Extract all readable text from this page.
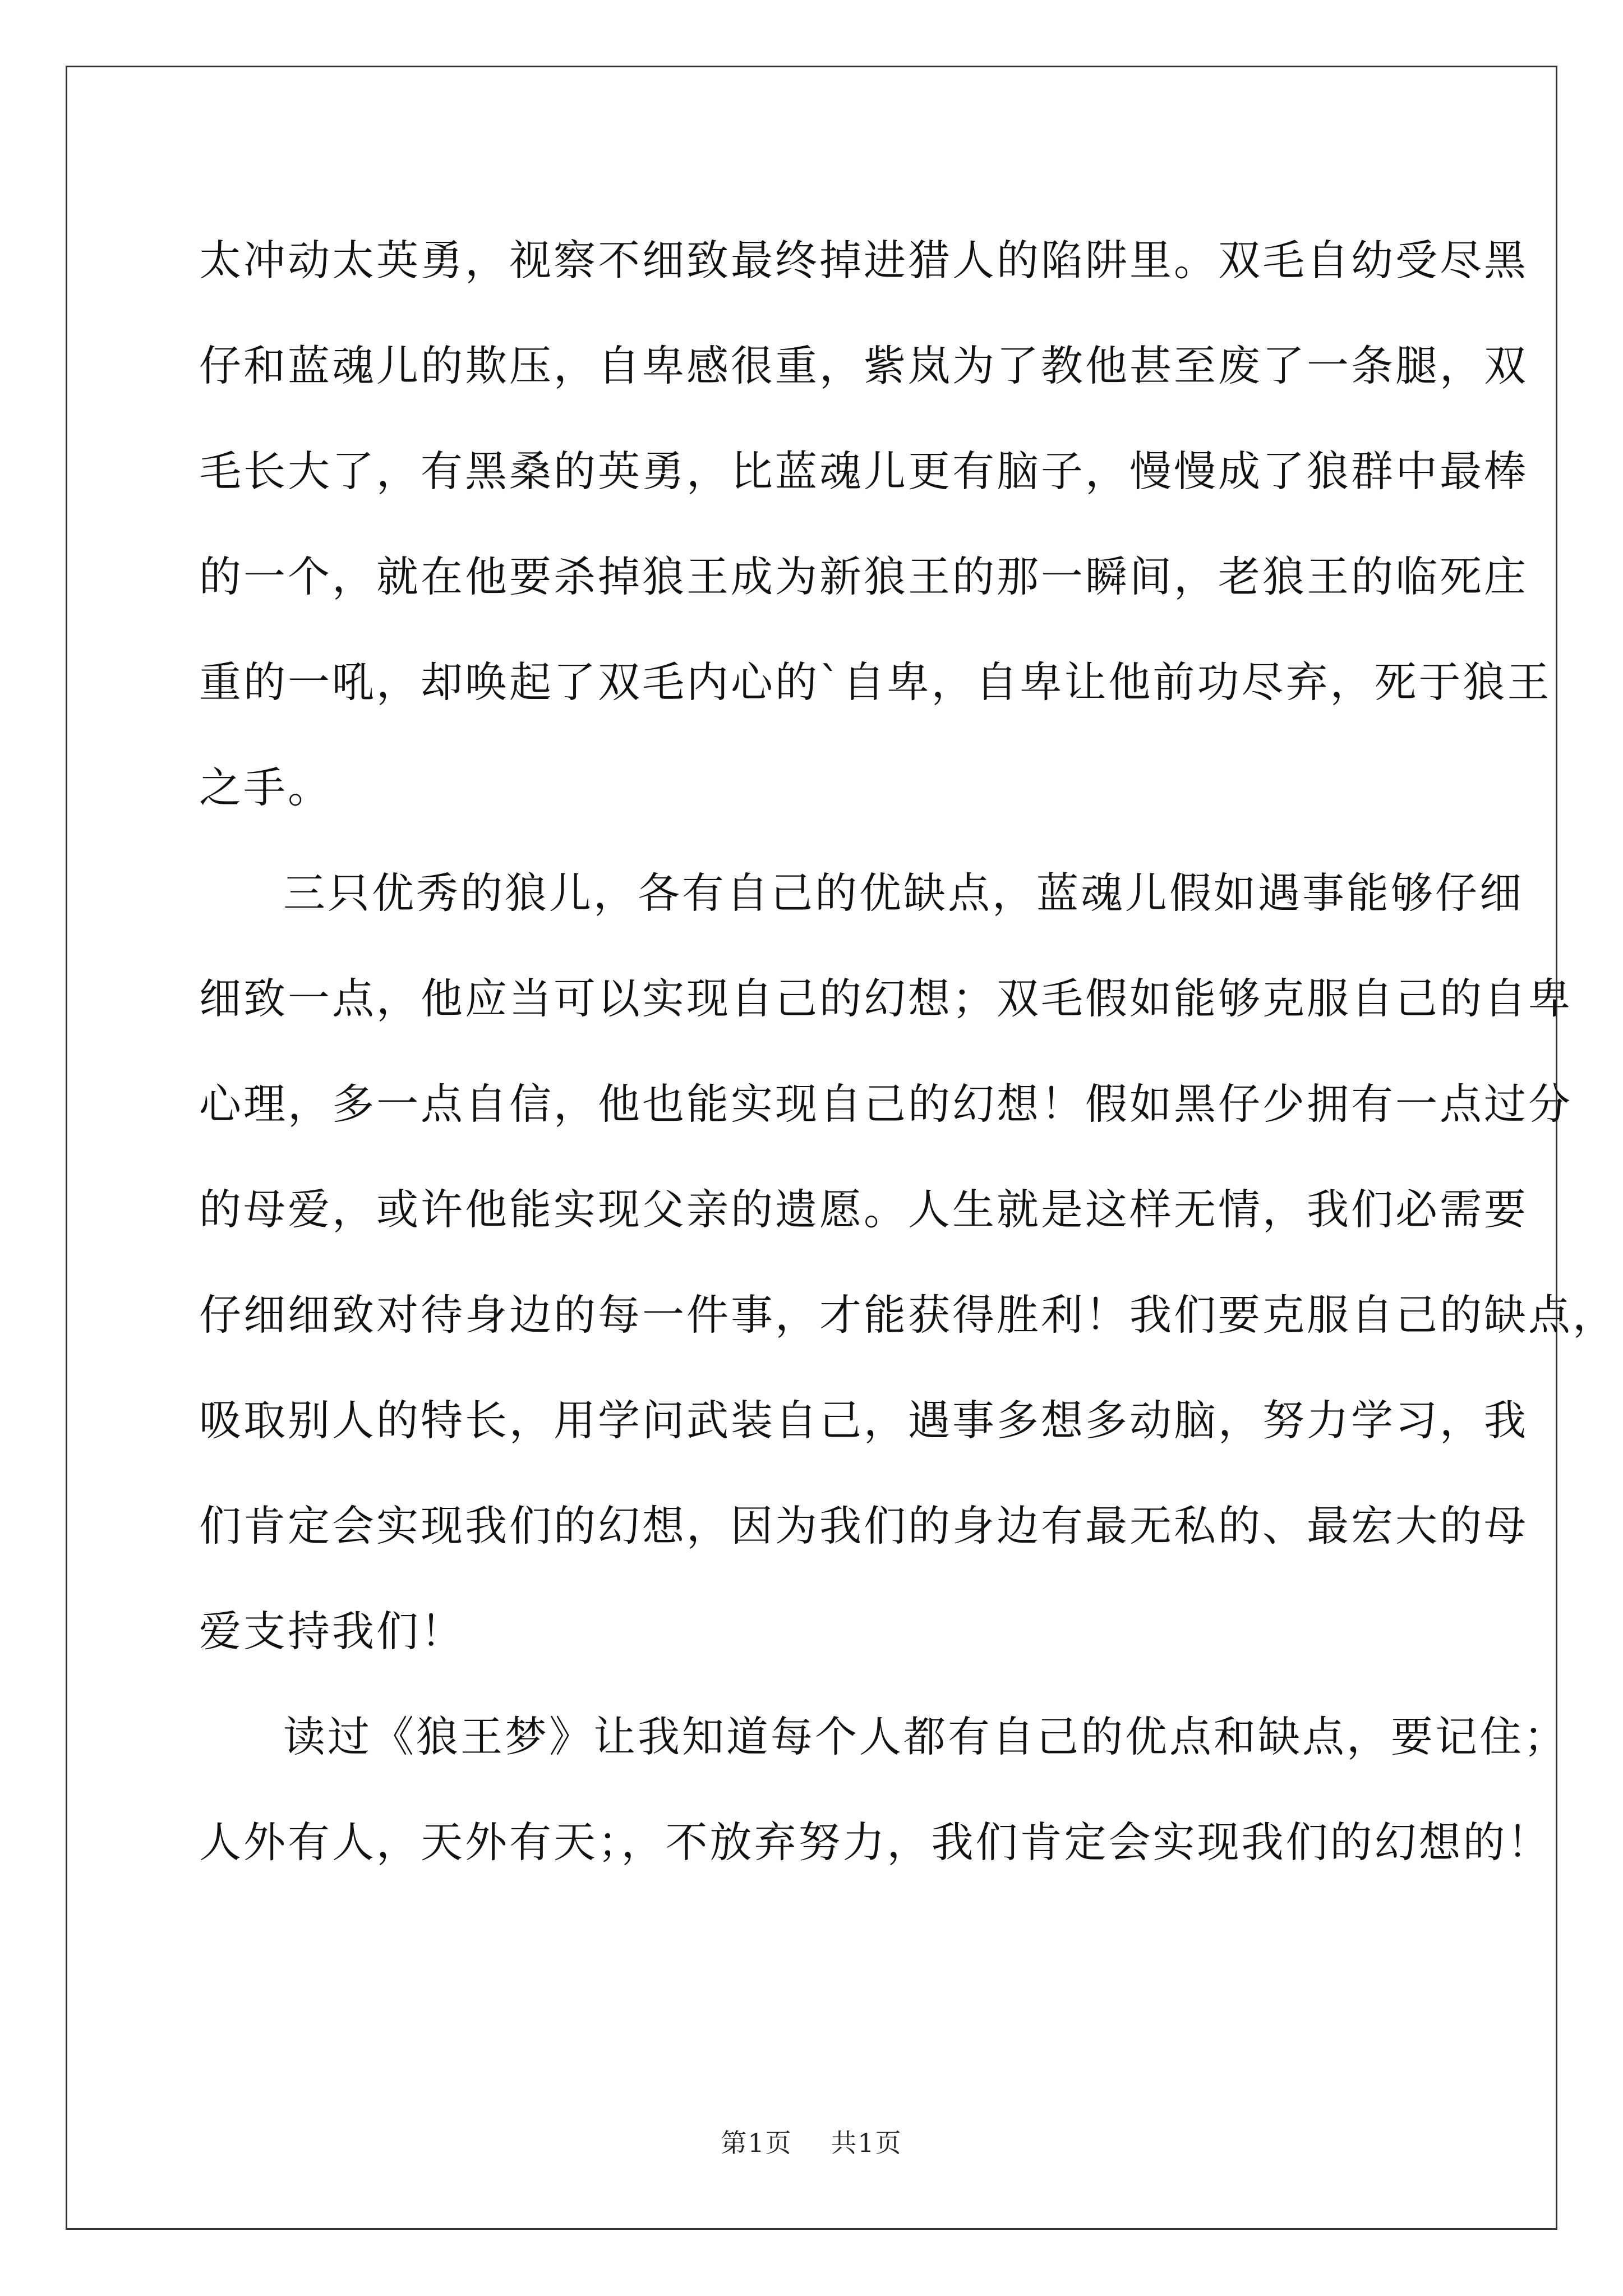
太冲动太英勇，视察不细致最终掉进猎人的陷阱里。双毛自幼受尽黑
仔和蓝魂儿的欺压，自卑感很重，紫岚为了教他甚至废了一条腿，双
毛长大了，有黑桑的英勇，比蓝魂儿更有脑子，慢慢成了狼群中最棒
的一个，就在他要杀掉狼王成为新狼王的那一瞬间，老狼王的临死庄
重的一吼，却唤起了双毛内心的`自卑，自卑让他前功尽弃，死于狼王
之手。
三只优秀的狼儿，各有自己的优缺点，蓝魂儿假如遇事能够仔细
细致一点，他应当可以实现自己的幻想；双毛假如能够克服自己的自卑
心理，多一点自信，他也能实现自己的幻想！假如黑仔少拥有一点过分
的母爱，或许他能实现父亲的遗愿。人生就是这样无情，我们必需要
仔细细致对待身边的每一件事，才能获得胜利！我们要克服自己的缺点，
吸取别人的特长，用学问武装自己，遇事多想多动脑，努力学习，我
们肯定会实现我们的幻想，因为我们的身边有最无私的、最宏大的母
爱支持我们！
读过《狼王梦》让我知道每个人都有自己的优点和缺点，要记住；
人外有人，天外有天；，不放弃努力，我们肯定会实现我们的幻想的！
第1页 共1页
